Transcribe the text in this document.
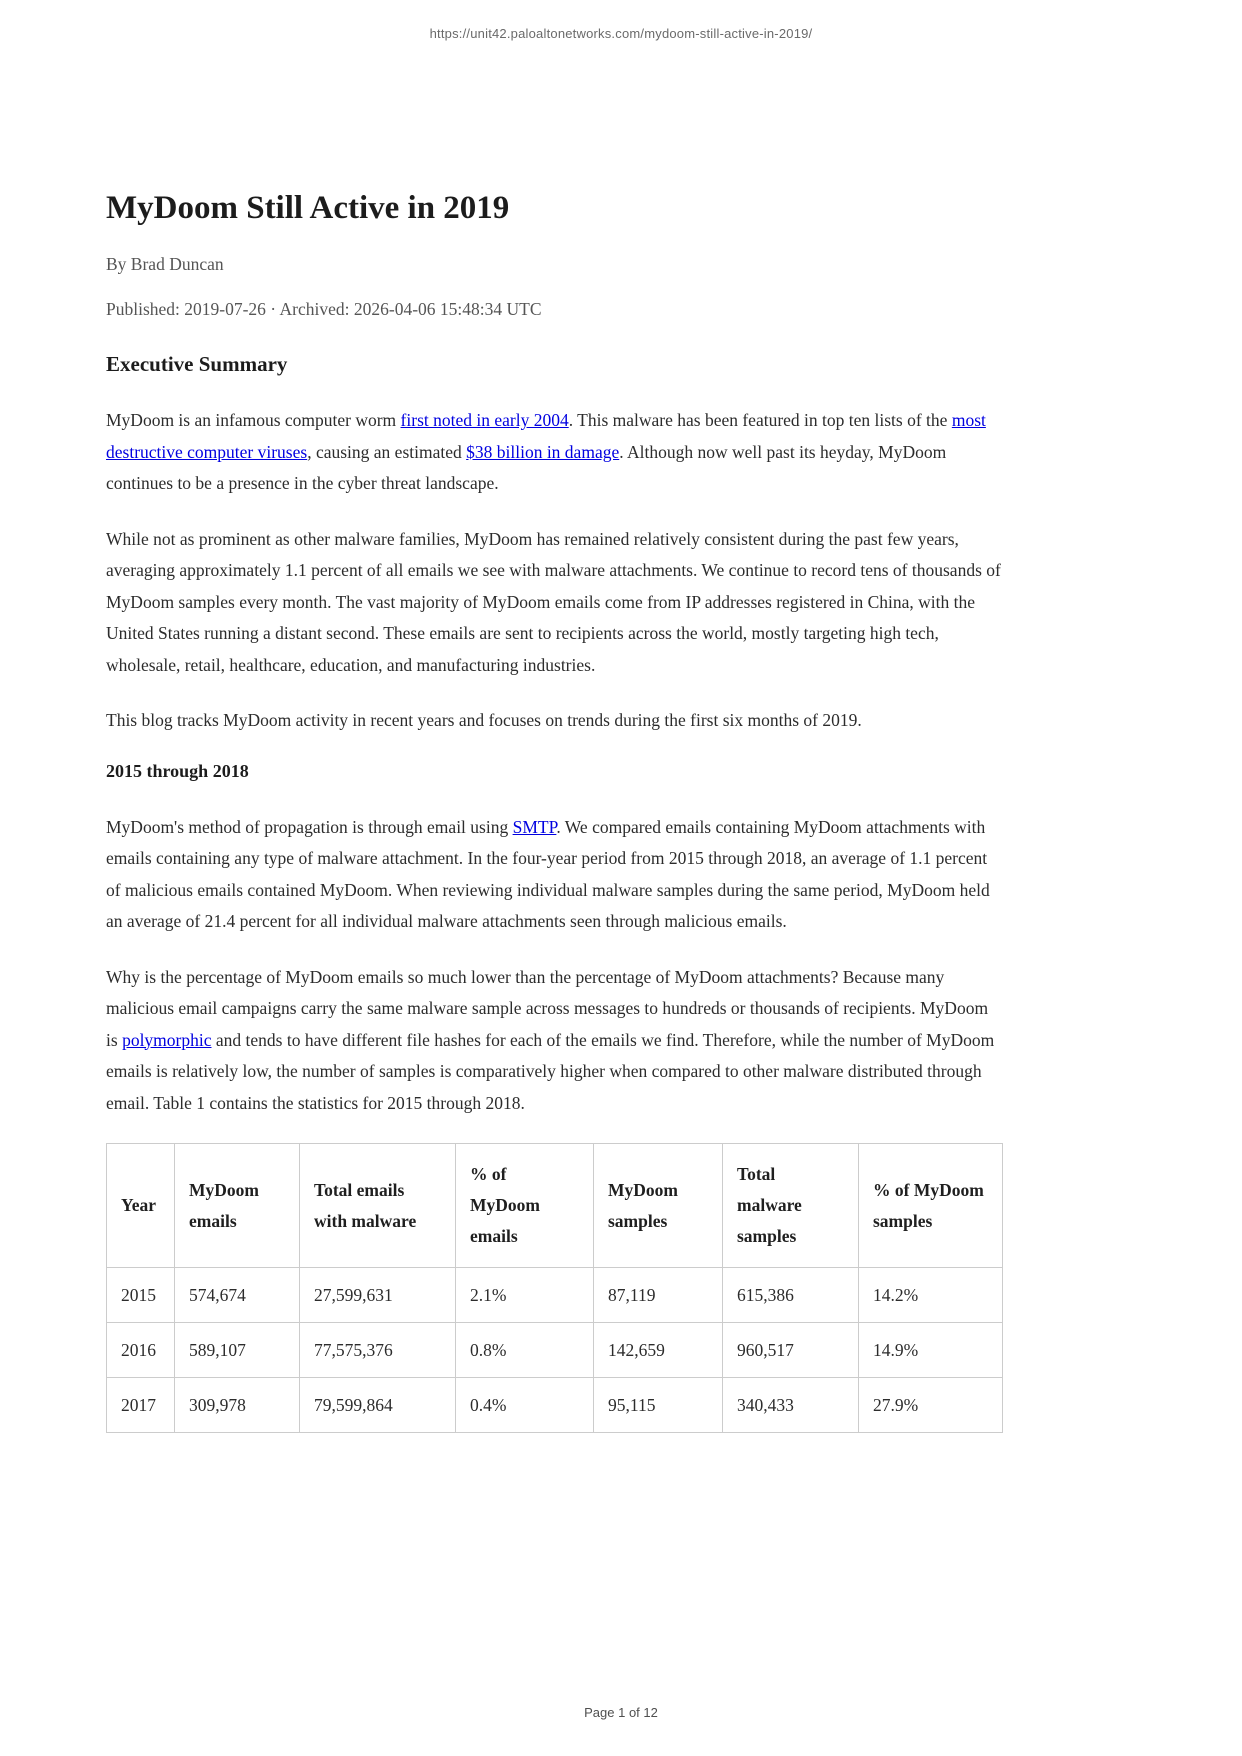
https://unit42.paloaltonetworks.com/mydoom-still-active-in-2019/
MyDoom Still Active in 2019
By Brad Duncan
Published: 2019-07-26 · Archived: 2026-04-06 15:48:34 UTC
Executive Summary

MyDoom is an infamous computer worm first noted in early 2004. This malware has been featured in top ten lists of the most destructive computer viruses, causing an estimated $38 billion in damage. Although now well past its heyday, MyDoom continues to be a presence in the cyber threat landscape.

While not as prominent as other malware families, MyDoom has remained relatively consistent during the past few years, averaging approximately 1.1 percent of all emails we see with malware attachments. We continue to record tens of thousands of MyDoom samples every month. The vast majority of MyDoom emails come from IP addresses registered in China, with the United States running a distant second. These emails are sent to recipients across the world, mostly targeting high tech, wholesale, retail, healthcare, education, and manufacturing industries.

This blog tracks MyDoom activity in recent years and focuses on trends during the first six months of 2019.

2015 through 2018

MyDoom's method of propagation is through email using SMTP. We compared emails containing MyDoom attachments with emails containing any type of malware attachment. In the four-year period from 2015 through 2018, an average of 1.1 percent of malicious emails contained MyDoom. When reviewing individual malware samples during the same period, MyDoom held an average of 21.4 percent for all individual malware attachments seen through malicious emails.

Why is the percentage of MyDoom emails so much lower than the percentage of MyDoom attachments? Because many malicious email campaigns carry the same malware sample across messages to hundreds or thousands of recipients. MyDoom is polymorphic and tends to have different file hashes for each of the emails we find. Therefore, while the number of MyDoom emails is relatively low, the number of samples is comparatively higher when compared to other malware distributed through email. Table 1 contains the statistics for 2015 through 2018.

Year	MyDoom emails	Total emails with malware	% of MyDoom emails	MyDoom samples	Total malware samples	% of MyDoom samples
2015	574,674	27,599,631	2.1%	87,119	615,386	14.2%
2016	589,107	77,575,376	0.8%	142,659	960,517	14.9%
2017	309,978	79,599,864	0.4%	95,115	340,433	27.9%
Page 1 of 12
